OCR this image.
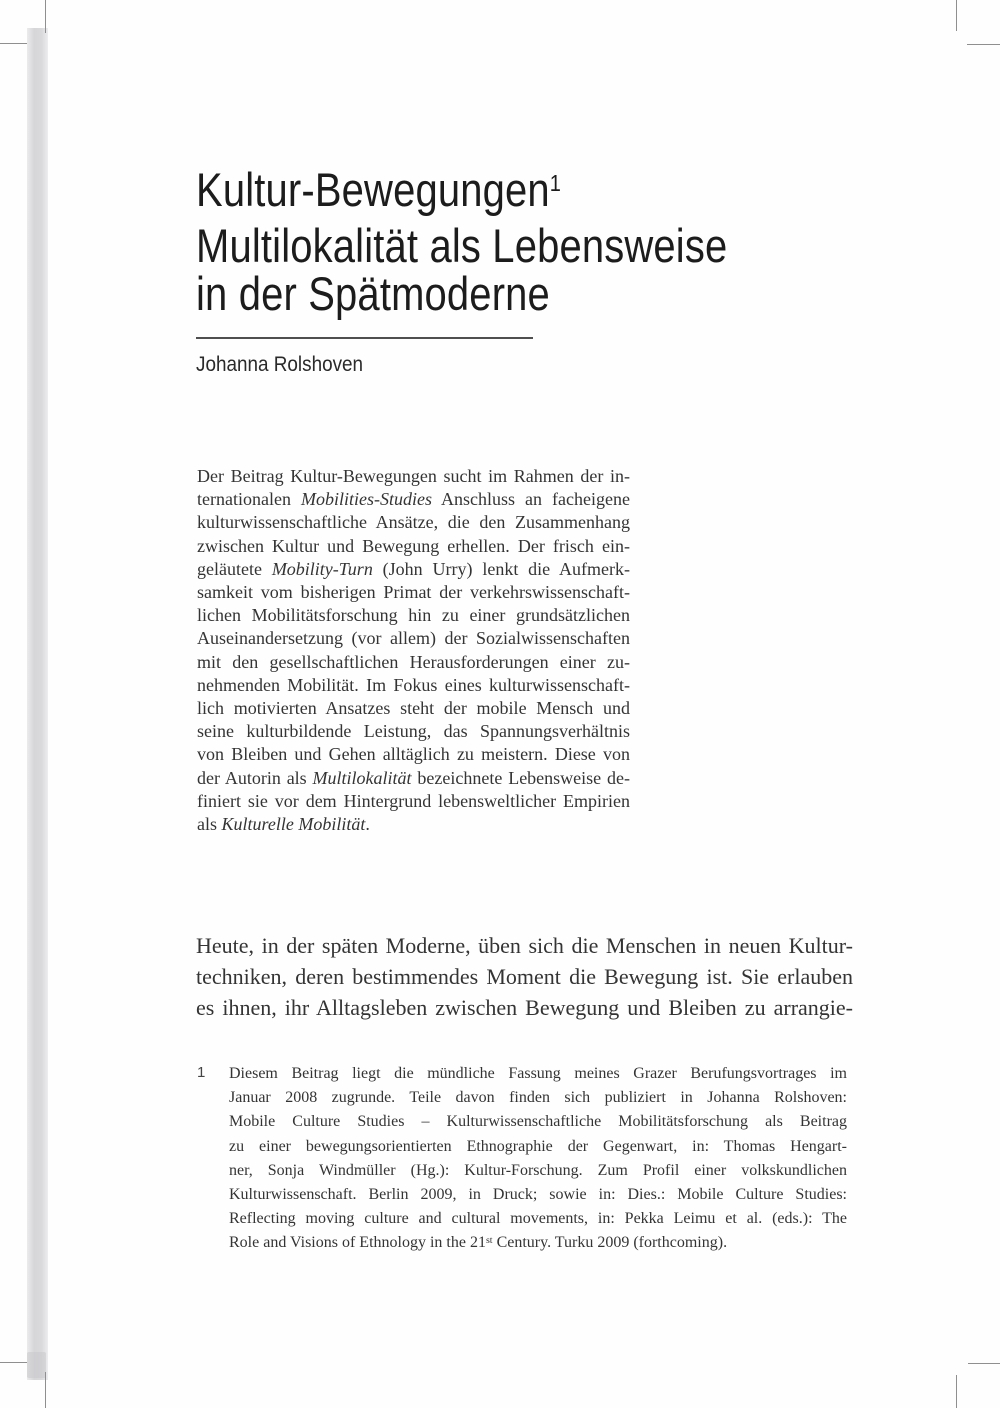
Kultur-Bewegungen$^1$
Multilokalität als Lebensweise
in der Spätmoderne

Johanna Rolshoven

Der Beitrag Kultur-Bewegungen sucht im Rahmen der in-
ternationalen Mobilities-Studies Anschluss an facheigene
kulturwissenschaftliche Ansätze, die den Zusammenhang
zwischen Kultur und Bewegung erhellen. Der frisch ein-
geläutete Mobility-Turn (John Urry) lenkt die Aufmerk-
samkeit vom bisherigen Primat der verkehrswissenschaft-
lichen Mobilitätsforschung hin zu einer grundsätzlichen
Auseinandersetzung (vor allem) der Sozialwissenschaften
mit den gesellschaftlichen Herausforderungen einer zu-
nehmenden Mobilität. Im Fokus eines kulturwissenschaft-
lich motivierten Ansatzes steht der mobile Mensch und
seine kulturbildende Leistung, das Spannungsverhältnis
von Bleiben und Gehen alltäglich zu meistern. Diese von
der Autorin als Multilokalität bezeichnete Lebensweise de-
finiert sie vor dem Hintergrund lebensweltlicher Empirien
als Kulturelle Mobilität.
Heute, in der späten Moderne, üben sich die Menschen in neuen Kultur-
techniken, deren bestimmendes Moment die Bewegung ist. Sie erlauben
es ihnen, ihr Alltagsleben zwischen Bewegung und Bleiben zu arrangie-
1 Diesem Beitrag liegt die mündliche Fassung meines Grazer Berufungsvortrages im
Januar 2008 zugrunde. Teile davon finden sich publiziert in Johanna Rolshoven:
Mobile Culture Studies – Kulturwissenschaftliche Mobilitätsforschung als Beitrag
zu einer bewegungsorientierten Ethnographie der Gegenwart, in: Thomas Hengart-
ner, Sonja Windmüller (Hg.): Kultur-Forschung. Zum Profil einer volkskundlichen
Kulturwissenschaft. Berlin 2009, in Druck; sowie in: Dies.: Mobile Culture Studies:
Reflecting moving culture and cultural movements, in: Pekka Leimu et al. (eds.): The
Role and Visions of Ethnology in the 21st Century. Turku 2009 (forthcoming).
